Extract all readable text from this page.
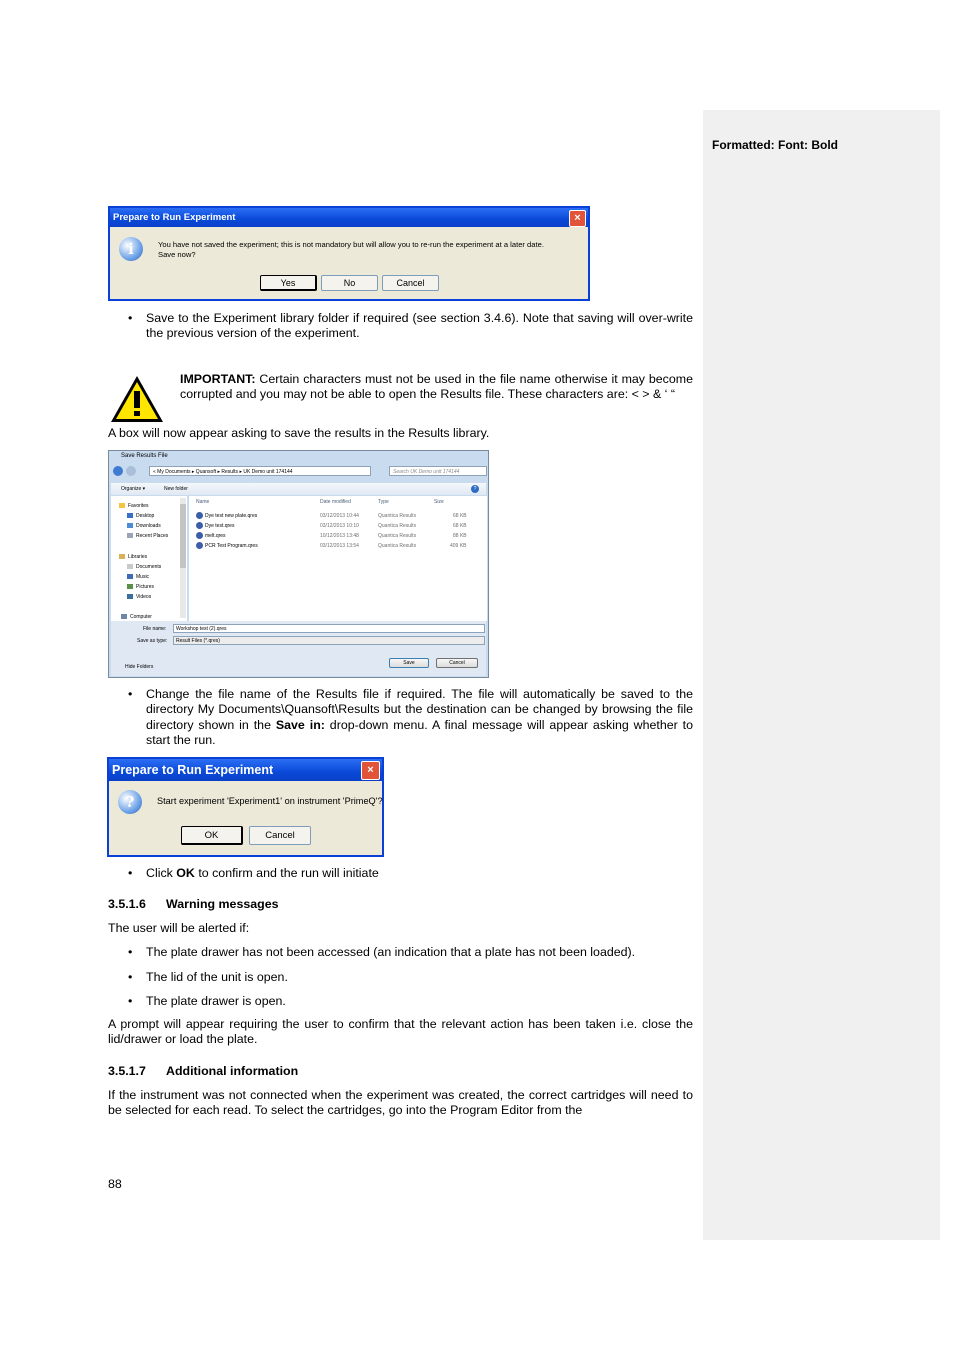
Formatted: Font: Bold
Prepare to Run Experiment	×
i	You have not saved the experiment; this is not mandatory but will allow you to re-run the experiment at a later date.
Save now?
Yes	No	Cancel
• Save to the Experiment library folder if required (see section 3.4.6). Note that saving will over-write the previous version of the experiment.
IMPORTANT: Certain characters must not be used in the file name otherwise it may become corrupted and you may not be able to open the Results file. These characters are: < > & ‘ “
A box will now appear asking to save the results in the Results library.
Save Results File
« My Documents ▸ Quansoft ▸ Results ▸ UK Demo unit 174144	Search UK Demo unit 174144
Organize ▾	New folder	?
Favorites
Desktop
Downloads
Recent Places
Libraries
Documents
Music
Pictures
Videos
Computer
Name	Date modified	Type	Size
Dye test new plate.qres	03/12/2013 10:44	Quantica Results	68 KB
Dye test.qres	03/12/2013 10:10	Quantica Results	68 KB
melt.qres	10/12/2013 13:48	Quantica Results	88 KB
PCR Test Program.qres	03/12/2013 13:54	Quantica Results	409 KB
File name:	Workshop test (2).qres
Save as type:	Result Files (*.qres)
Hide Folders
Save	Cancel
• Change the file name of the Results file if required. The file will automatically be saved to the directory My Documents\Quansoft\Results but the destination can be changed by browsing the file directory shown in the Save in: drop-down menu. A final message will appear asking whether to start the run.
Prepare to Run Experiment	×
?	Start experiment 'Experiment1' on instrument 'PrimeQ'?
OK	Cancel
• Click OK to confirm and the run will initiate
3.5.1.6 Warning messages
The user will be alerted if:
• The plate drawer has not been accessed (an indication that a plate has not been loaded).
• The lid of the unit is open.
• The plate drawer is open.
A prompt will appear requiring the user to confirm that the relevant action has been taken i.e. close the lid/drawer or load the plate.
3.5.1.7 Additional information
If the instrument was not connected when the experiment was created, the correct cartridges will need to be selected for each read. To select the cartridges, go into the Program Editor from the
88
